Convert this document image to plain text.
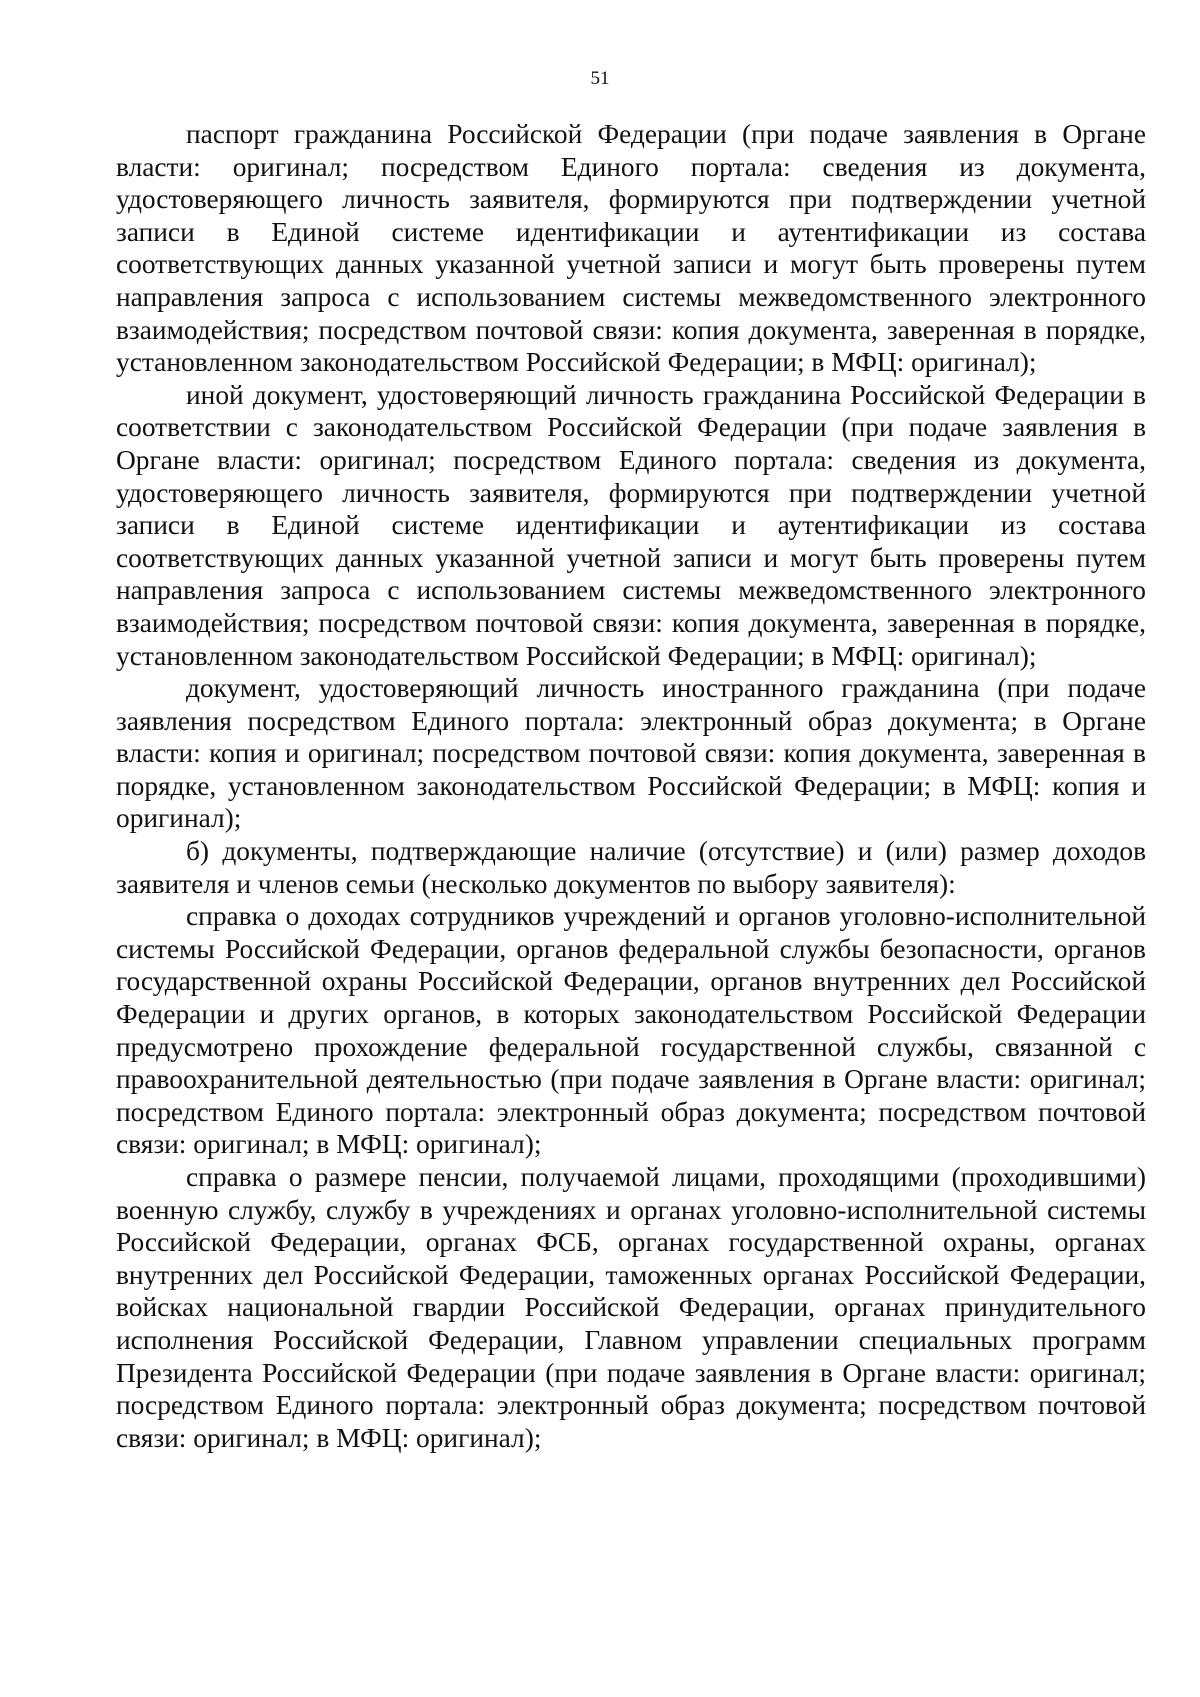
51

паспорт гражданина Российской Федерации (при подаче заявления в Органе власти: оригинал; посредством Единого портала: сведения из документа, удостоверяющего личность заявителя, формируются при подтверждении учетной записи в Единой системе идентификации и аутентификации из состава соответствующих данных указанной учетной записи и могут быть проверены путем направления запроса с использованием системы межведомственного электронного взаимодействия; посредством почтовой связи: копия документа, заверенная в порядке, установленном законодательством Российской Федерации; в МФЦ: оригинал);

иной документ, удостоверяющий личность гражданина Российской Федерации в соответствии с законодательством Российской Федерации (при подаче заявления в Органе власти: оригинал; посредством Единого портала: сведения из документа, удостоверяющего личность заявителя, формируются при подтверждении учетной записи в Единой системе идентификации и аутентификации из состава соответствующих данных указанной учетной записи и могут быть проверены путем направления запроса с использованием системы межведомственного электронного взаимодействия; посредством почтовой связи: копия документа, заверенная в порядке, установленном законодательством Российской Федерации; в МФЦ: оригинал);

документ, удостоверяющий личность иностранного гражданина (при подаче заявления посредством Единого портала: электронный образ документа; в Органе власти: копия и оригинал; посредством почтовой связи: копия документа, заверенная в порядке, установленном законодательством Российской Федерации; в МФЦ: копия и оригинал);

б) документы, подтверждающие наличие (отсутствие) и (или) размер доходов заявителя и членов семьи (несколько документов по выбору заявителя):

справка о доходах сотрудников учреждений и органов уголовно-исполнительной системы Российской Федерации, органов федеральной службы безопасности, органов государственной охраны Российской Федерации, органов внутренних дел Российской Федерации и других органов, в которых законодательством Российской Федерации предусмотрено прохождение федеральной государственной службы, связанной с правоохранительной деятельностью (при подаче заявления в Органе власти: оригинал; посредством Единого портала: электронный образ документа; посредством почтовой связи: оригинал; в МФЦ: оригинал);

справка о размере пенсии, получаемой лицами, проходящими (проходившими) военную службу, службу в учреждениях и органах уголовно-исполнительной системы Российской Федерации, органах ФСБ, органах государственной охраны, органах внутренних дел Российской Федерации, таможенных органах Российской Федерации, войсках национальной гвардии Российской Федерации, органах принудительного исполнения Российской Федерации, Главном управлении специальных программ Президента Российской Федерации (при подаче заявления в Органе власти: оригинал; посредством Единого портала: электронный образ документа; посредством почтовой связи: оригинал; в МФЦ: оригинал);
